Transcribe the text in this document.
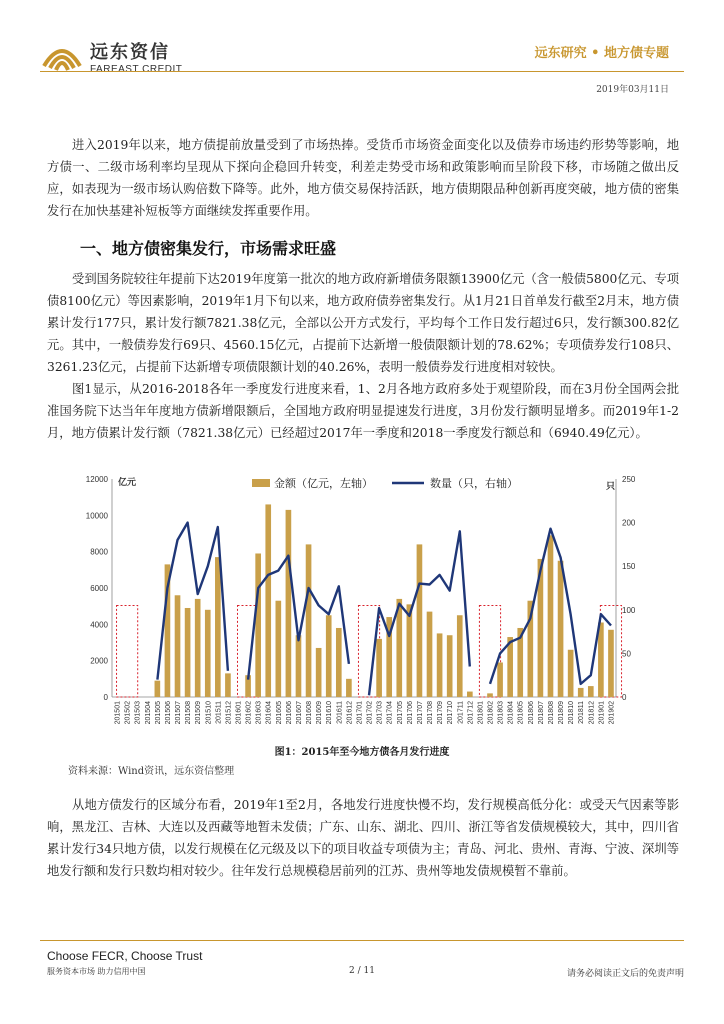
远东资信
FAREAST CREDIT
远东研究 • 地方债专题
2019年03月11日
进入2019年以来，地方债提前放量受到了市场热捧。受货币市场资金面变化以及债券市场违约形势等影响，地方债一、二级市场利率均呈现从下探向企稳回升转变，利差走势受市场和政策影响而呈阶段下移，市场随之做出反应，如表现为一级市场认购倍数下降等。此外，地方债交易保持活跃，地方债期限品种创新再度突破，地方债的密集发行在加快基建补短板等方面继续发挥重要作用。
一、地方债密集发行，市场需求旺盛
受到国务院较往年提前下达2019年度第一批次的地方政府新增债务限额13900亿元（含一般债5800亿元、专项债8100亿元）等因素影响，2019年1月下旬以来，地方政府债券密集发行。从1月21日首单发行截至2月末，地方债累计发行177只，累计发行额7821.38亿元，全部以公开方式发行，平均每个工作日发行超过6只，发行额300.82亿元。其中，一般债券发行69只、4560.15亿元，占提前下达新增一般债限额计划的78.62%；专项债券发行108只、3261.23亿元，占提前下达新增专项债限额计划的40.26%，表明一般债券发行进度相对较快。
图1显示，从2016-2018各年一季度发行进度来看，1、2月各地方政府多处于观望阶段，而在3月份全国两会批准国务院下达当年年度地方债新增限额后，全国地方政府明显提速发行进度，3月份发行额明显增多。而2019年1-2月，地方债累计发行额（7821.38亿元）已经超过2017年一季度和2018一季度发行额总和（6940.49亿元）。
0
2000
4000
6000
8000
10000
12000
0
50
100
150
200
250
亿元	只
201501 201502 201503 201504 201505 201506 201507 201508 201509 201510 201511 201512 201601 201602 201603 201604 201605 201606 201607 201608 201609 201610 201611 201612 201701 201702 201703 201704 201705 201706 201707 201708 201709 201710 201711 201712 201801 201802 201803 201804 201805 201806 201807 201808 201809 201810 201811 201812 201901 201902
金额（亿元，左轴）	数量（只，右轴）
图1：2015年至今地方债各月发行进度
资料来源：Wind资讯，远东资信整理
从地方债发行的区域分布看，2019年1至2月，各地发行进度快慢不均，发行规模高低分化：或受天气因素等影响，黑龙江、吉林、大连以及西藏等地暂未发债；广东、山东、湖北、四川、浙江等省发债规模较大，其中，四川省累计发行34只地方债，以发行规模在亿元级及以下的项目收益专项债为主；青岛、河北、贵州、青海、宁波、深圳等地发行额和发行只数均相对较少。往年发行总规模稳居前列的江苏、贵州等地发债规模暂不靠前。
Choose FECR, Choose Trust
服务资本市场 助力信用中国	2 / 11	请务必阅读正文后的免责声明
